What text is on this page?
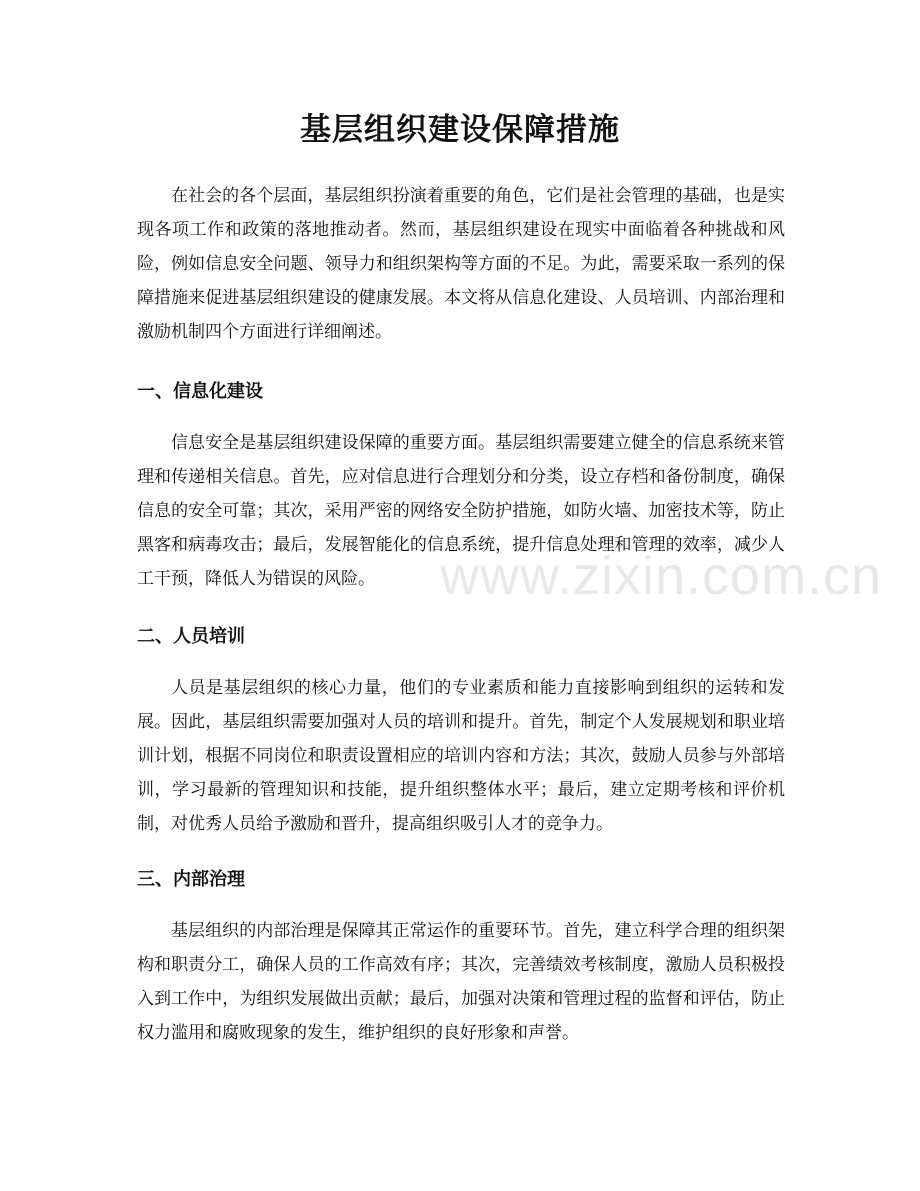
基层组织建设保障措施

在社会的各个层面，基层组织扮演着重要的角色，它们是社会管理的基础，也是实现各项工作和政策的落地推动者。然而，基层组织建设在现实中面临着各种挑战和风险，例如信息安全问题、领导力和组织架构等方面的不足。为此，需要采取一系列的保障措施来促进基层组织建设的健康发展。本文将从信息化建设、人员培训、内部治理和激励机制四个方面进行详细阐述。

一、信息化建设

信息安全是基层组织建设保障的重要方面。基层组织需要建立健全的信息系统来管理和传递相关信息。首先，应对信息进行合理划分和分类，设立存档和备份制度，确保信息的安全可靠；其次，采用严密的网络安全防护措施，如防火墙、加密技术等，防止黑客和病毒攻击；最后，发展智能化的信息系统，提升信息处理和管理的效率，减少人工干预，降低人为错误的风险。

二、人员培训

人员是基层组织的核心力量，他们的专业素质和能力直接影响到组织的运转和发展。因此，基层组织需要加强对人员的培训和提升。首先，制定个人发展规划和职业培训计划，根据不同岗位和职责设置相应的培训内容和方法；其次，鼓励人员参与外部培训，学习最新的管理知识和技能，提升组织整体水平；最后，建立定期考核和评价机制，对优秀人员给予激励和晋升，提高组织吸引人才的竞争力。

三、内部治理

基层组织的内部治理是保障其正常运作的重要环节。首先，建立科学合理的组织架构和职责分工，确保人员的工作高效有序；其次，完善绩效考核制度，激励人员积极投入到工作中，为组织发展做出贡献；最后，加强对决策和管理过程的监督和评估，防止权力滥用和腐败现象的发生，维护组织的良好形象和声誉。

www.zixin.com.cn
